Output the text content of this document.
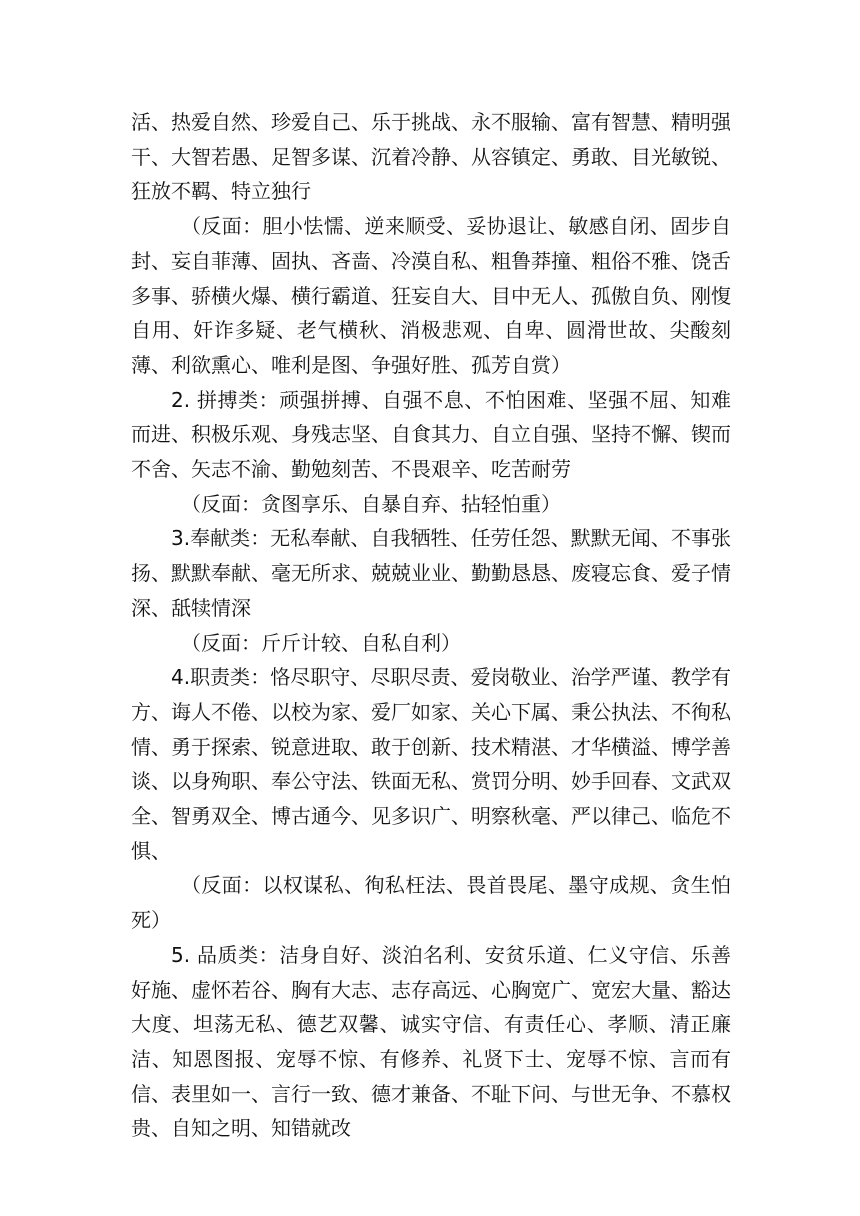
活、热爱自然、珍爱自己、乐于挑战、永不服输、富有智慧、精明强干、大智若愚、足智多谋、沉着冷静、从容镇定、勇敢、目光敏锐、狂放不羁、特立独行

（反面：胆小怯懦、逆来顺受、妥协退让、敏感自闭、固步自封、妄自菲薄、固执、吝啬、冷漠自私、粗鲁莽撞、粗俗不雅、饶舌多事、骄横火爆、横行霸道、狂妄自大、目中无人、孤傲自负、刚愎自用、奸诈多疑、老气横秋、消极悲观、自卑、圆滑世故、尖酸刻薄、利欲熏心、唯利是图、争强好胜、孤芳自赏）

2. 拼搏类：顽强拼搏、自强不息、不怕困难、坚强不屈、知难而进、积极乐观、身残志坚、自食其力、自立自强、坚持不懈、锲而不舍、矢志不渝、勤勉刻苦、不畏艰辛、吃苦耐劳

（反面：贪图享乐、自暴自弃、拈轻怕重）

3.奉献类：无私奉献、自我牺牲、任劳任怨、默默无闻、不事张扬、默默奉献、毫无所求、兢兢业业、勤勤恳恳、废寝忘食、爱子情深、舐犊情深

（反面：斤斤计较、自私自利）

4.职责类：恪尽职守、尽职尽责、爱岗敬业、治学严谨、教学有方、诲人不倦、以校为家、爱厂如家、关心下属、秉公执法、不徇私情、勇于探索、锐意进取、敢于创新、技术精湛、才华横溢、博学善谈、以身殉职、奉公守法、铁面无私、赏罚分明、妙手回春、文武双全、智勇双全、博古通今、见多识广、明察秋毫、严以律己、临危不惧、

（反面：以权谋私、徇私枉法、畏首畏尾、墨守成规、贪生怕死）

5. 品质类：洁身自好、淡泊名利、安贫乐道、仁义守信、乐善好施、虚怀若谷、胸有大志、志存高远、心胸宽广、宽宏大量、豁达大度、坦荡无私、德艺双馨、诚实守信、有责任心、孝顺、清正廉洁、知恩图报、宠辱不惊、有修养、礼贤下士、宠辱不惊、言而有信、表里如一、言行一致、德才兼备、不耻下问、与世无争、不慕权贵、自知之明、知错就改
